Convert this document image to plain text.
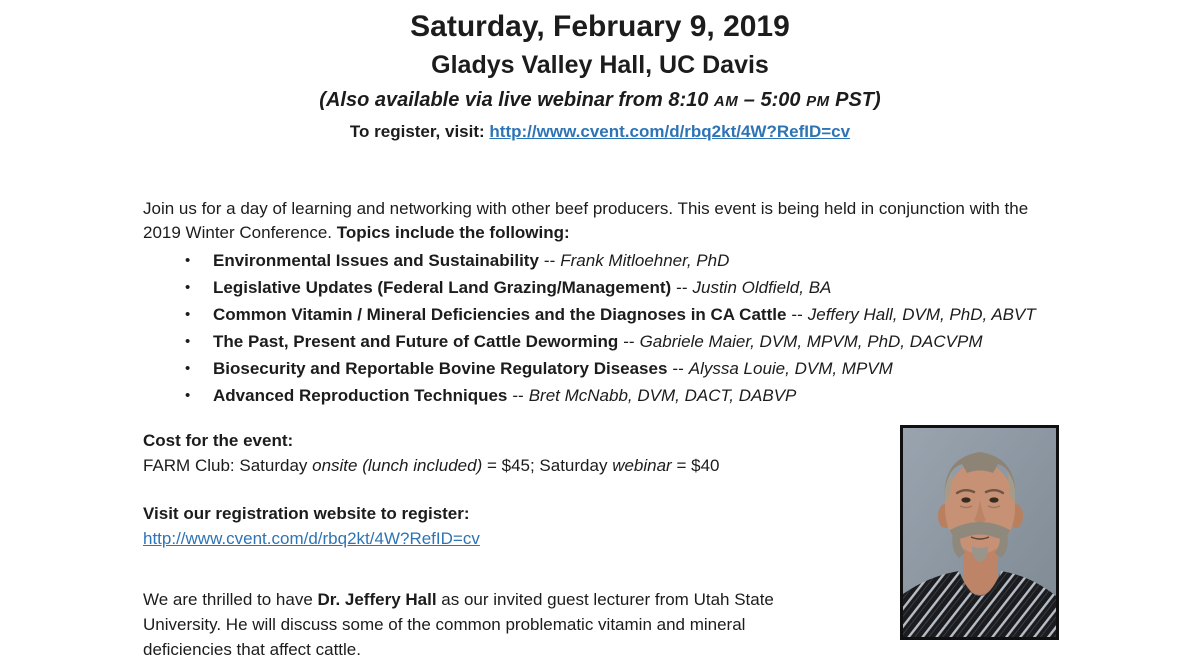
Saturday, February 9, 2019
Gladys Valley Hall, UC Davis
(Also available via live webinar from 8:10 AM – 5:00 PM PST)
To register, visit: http://www.cvent.com/d/rbq2kt/4W?RefID=cv

Join us for a day of learning and networking with other beef producers. This event is being held in conjunction with the 2019 Winter Conference. Topics include the following:

• Environmental Issues and Sustainability -- Frank Mitloehner, PhD
• Legislative Updates (Federal Land Grazing/Management) -- Justin Oldfield, BA
• Common Vitamin / Mineral Deficiencies and the Diagnoses in CA Cattle -- Jeffery Hall, DVM, PhD, ABVT
• The Past, Present and Future of Cattle Deworming -- Gabriele Maier, DVM, MPVM, PhD, DACVPM
• Biosecurity and Reportable Bovine Regulatory Diseases -- Alyssa Louie, DVM, MPVM
• Advanced Reproduction Techniques -- Bret McNabb, DVM, DACT, DABVP

Cost for the event:

FARM Club: Saturday onsite (lunch included) = $45; Saturday webinar = $40

Visit our registration website to register:

http://www.cvent.com/d/rbq2kt/4W?RefID=cv

We are thrilled to have Dr. Jeffery Hall as our invited guest lecturer from Utah State University. He will discuss some of the common problematic vitamin and mineral deficiencies that affect cattle.
